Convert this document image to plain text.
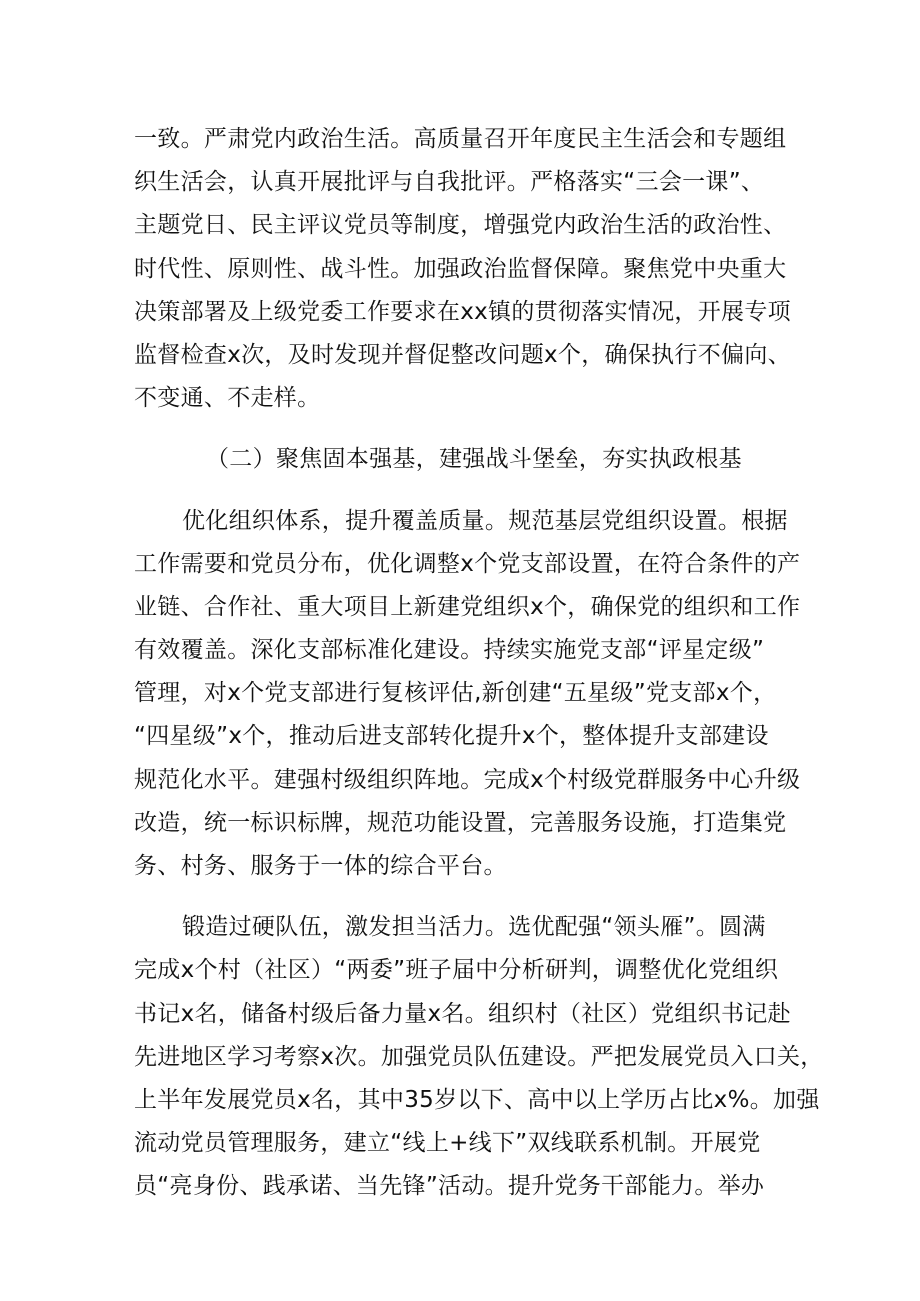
一致。严肃党内政治生活。高质量召开年度民主生活会和专题组
织生活会，认真开展批评与自我批评。严格落实“三会一课”、
主题党日、民主评议党员等制度，增强党内政治生活的政治性、
时代性、原则性、战斗性。加强政治监督保障。聚焦党中央重大
决策部署及上级党委工作要求在xx镇的贯彻落实情况，开展专项
监督检查x次，及时发现并督促整改问题x个，确保执行不偏向、
不变通、不走样。
（二）聚焦固本强基，建强战斗堡垒，夯实执政根基
优化组织体系，提升覆盖质量。规范基层党组织设置。根据
工作需要和党员分布，优化调整x个党支部设置，在符合条件的产
业链、合作社、重大项目上新建党组织x个，确保党的组织和工作
有效覆盖。深化支部标准化建设。持续实施党支部“评星定级”
管理，对x个党支部进行复核评估,新创建“五星级”党支部x个，
“四星级”x个，推动后进支部转化提升x个，整体提升支部建设
规范化水平。建强村级组织阵地。完成x个村级党群服务中心升级
改造，统一标识标牌，规范功能设置，完善服务设施，打造集党
务、村务、服务于一体的综合平台。
锻造过硬队伍，激发担当活力。选优配强“领头雁”。圆满
完成x个村（社区）“两委”班子届中分析研判，调整优化党组织
书记x名，储备村级后备力量x名。组织村（社区）党组织书记赴
先进地区学习考察x次。加强党员队伍建设。严把发展党员入口关，
上半年发展党员x名，其中35岁以下、高中以上学历占比x%。加强
流动党员管理服务，建立“线上+线下”双线联系机制。开展党
员“亮身份、践承诺、当先锋”活动。提升党务干部能力。举办
